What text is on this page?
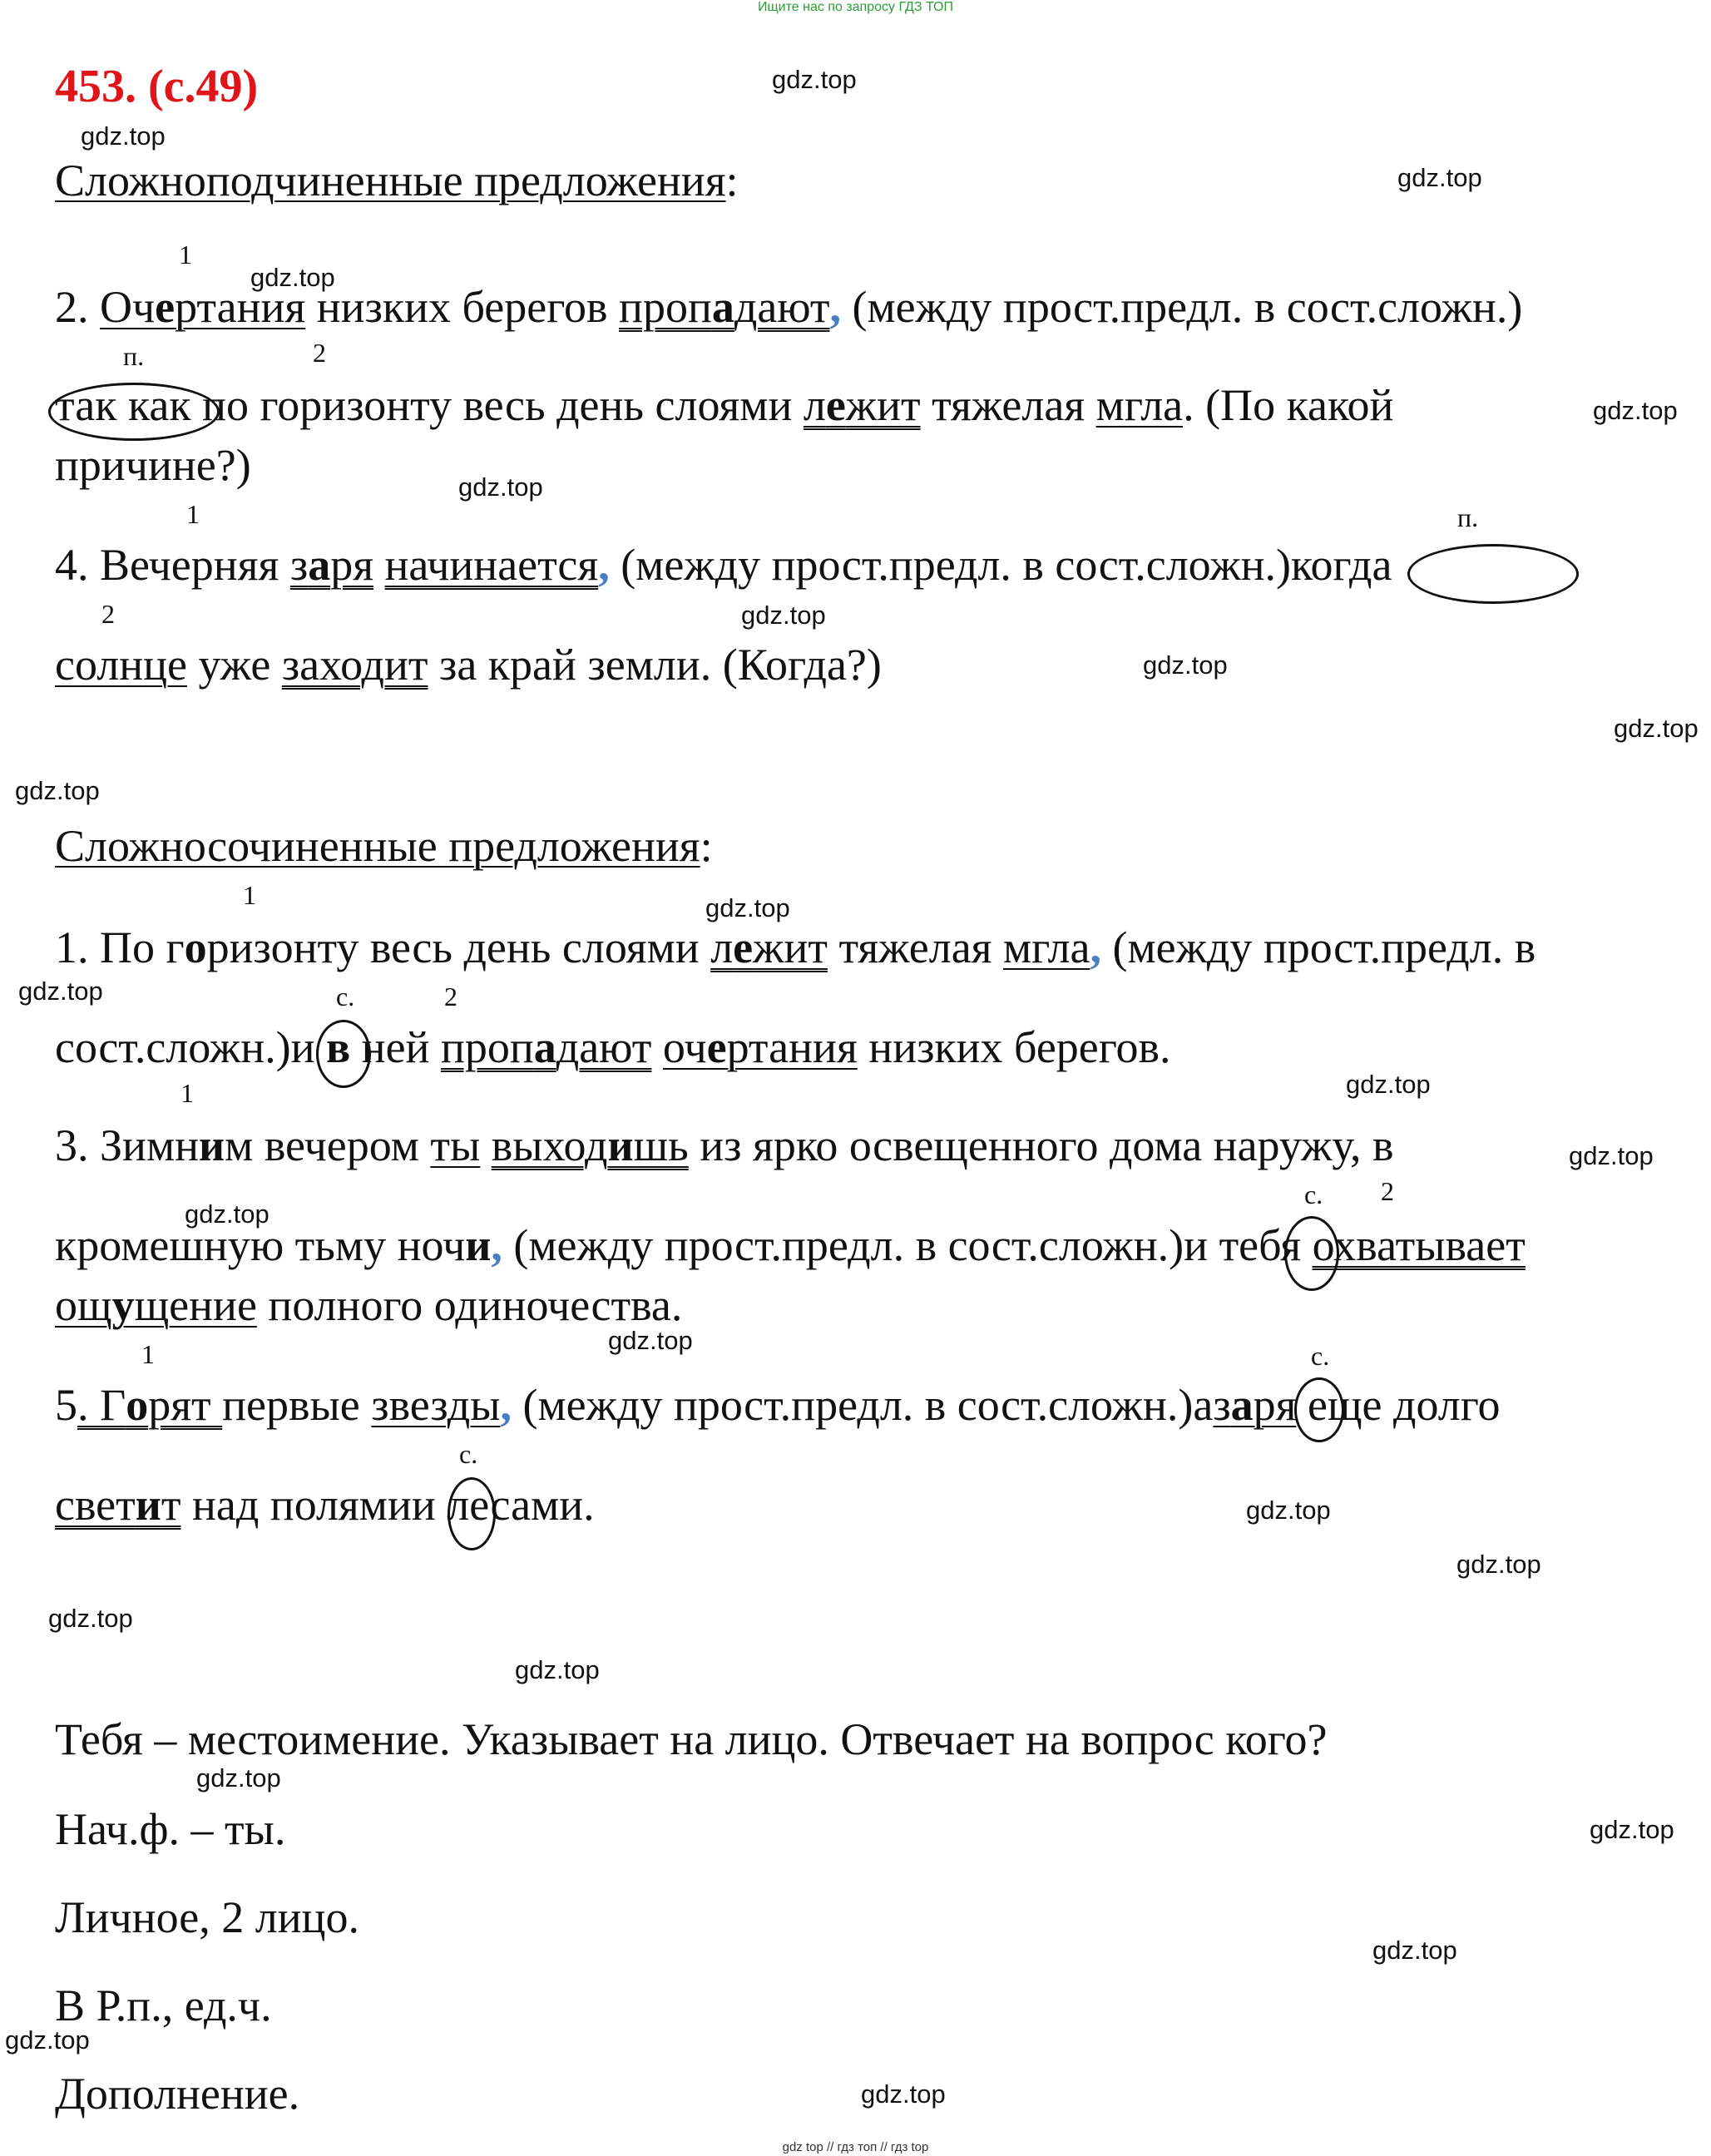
Ищите нас по запросу ГДЗ ТОП
453. (с.49)	gdz.top
gdz.top
gdz.top
gdz.top
gdz.top
gdz.top
gdz.top
gdz.top
gdz.top
gdz.top
gdz.top
gdz.top
gdz.top
gdz.top
gdz.top
gdz.top
gdz.top
gdz.top
gdz.top
gdz.top
gdz.top
gdz.top
gdz.top
gdz.top
gdz.top
Сложноподчиненные предложения:
1
2. Очертания низких берегов пропадают, (между прост.предл. в сост.сложн.)
п.	2
так как по горизонту весь день слоями лежит тяжелая мгла. (По какой
причине?)
1	п.
4. Вечерняя заря начинается, (между прост.предл. в сост.сложн.)когда
2
солнце уже заходит за край земли. (Когда?)
Сложносочиненные предложения:
1
1. По горизонту весь день слоями лежит тяжелая мгла, (между прост.предл. в
с.	2
сост.сложн.)и в ней пропадают очертания низких берегов.
1
3. Зимним вечером ты выходишь из ярко освещенного дома наружу, в
с. 2
кромешную тьму ночи, (между прост.предл. в сост.сложн.)и тебя охватывает
ощущение полного одиночества.
1	с.
5. Горят первые звезды, (между прост.предл. в сост.сложн.)азаря еще долго
с.
светит над полямии лесами.
Тебя – местоимение. Указывает на лицо. Отвечает на вопрос кого?
Нач.ф. – ты.
Личное, 2 лицо.
В Р.п., ед.ч.
Дополнение.
gdz top // гдз топ // гдз top
